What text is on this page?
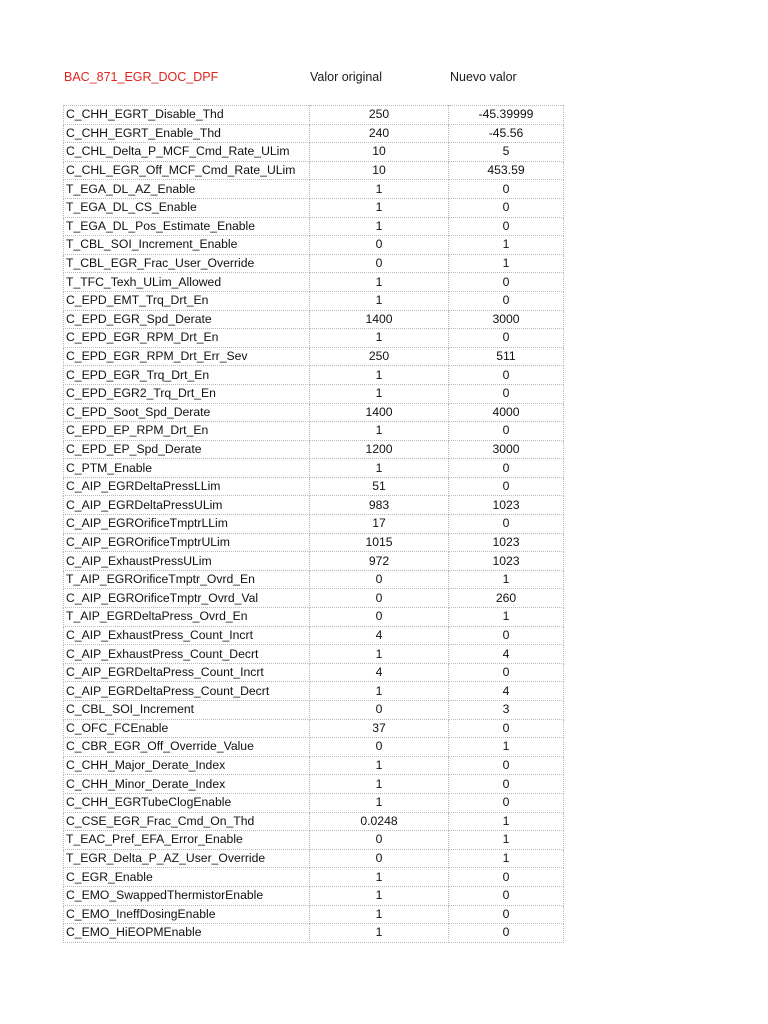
BAC_871_EGR_DOC_DPF	Valor original	Nuevo valor
C_CHH_EGRT_Disable_Thd	250	-45.39999
C_CHH_EGRT_Enable_Thd	240	-45.56
C_CHL_Delta_P_MCF_Cmd_Rate_ULim	10	5
C_CHL_EGR_Off_MCF_Cmd_Rate_ULim	10	453.59
T_EGA_DL_AZ_Enable	1	0
T_EGA_DL_CS_Enable	1	0
T_EGA_DL_Pos_Estimate_Enable	1	0
T_CBL_SOI_Increment_Enable	0	1
T_CBL_EGR_Frac_User_Override	0	1
T_TFC_Texh_ULim_Allowed	1	0
C_EPD_EMT_Trq_Drt_En	1	0
C_EPD_EGR_Spd_Derate	1400	3000
C_EPD_EGR_RPM_Drt_En	1	0
C_EPD_EGR_RPM_Drt_Err_Sev	250	511
C_EPD_EGR_Trq_Drt_En	1	0
C_EPD_EGR2_Trq_Drt_En	1	0
C_EPD_Soot_Spd_Derate	1400	4000
C_EPD_EP_RPM_Drt_En	1	0
C_EPD_EP_Spd_Derate	1200	3000
C_PTM_Enable	1	0
C_AIP_EGRDeltaPressLLim	51	0
C_AIP_EGRDeltaPressULim	983	1023
C_AIP_EGROrificeTmptrLLim	17	0
C_AIP_EGROrificeTmptrULim	1015	1023
C_AIP_ExhaustPressULim	972	1023
T_AIP_EGROrificeTmptr_Ovrd_En	0	1
C_AIP_EGROrificeTmptr_Ovrd_Val	0	260
T_AIP_EGRDeltaPress_Ovrd_En	0	1
C_AIP_ExhaustPress_Count_Incrt	4	0
C_AIP_ExhaustPress_Count_Decrt	1	4
C_AIP_EGRDeltaPress_Count_Incrt	4	0
C_AIP_EGRDeltaPress_Count_Decrt	1	4
C_CBL_SOI_Increment	0	3
C_OFC_FCEnable	37	0
C_CBR_EGR_Off_Override_Value	0	1
C_CHH_Major_Derate_Index	1	0
C_CHH_Minor_Derate_Index	1	0
C_CHH_EGRTubeClogEnable	1	0
C_CSE_EGR_Frac_Cmd_On_Thd	0.0248	1
T_EAC_Pref_EFA_Error_Enable	0	1
T_EGR_Delta_P_AZ_User_Override	0	1
C_EGR_Enable	1	0
C_EMO_SwappedThermistorEnable	1	0
C_EMO_IneffDosingEnable	1	0
C_EMO_HiEOPMEnable	1	0
